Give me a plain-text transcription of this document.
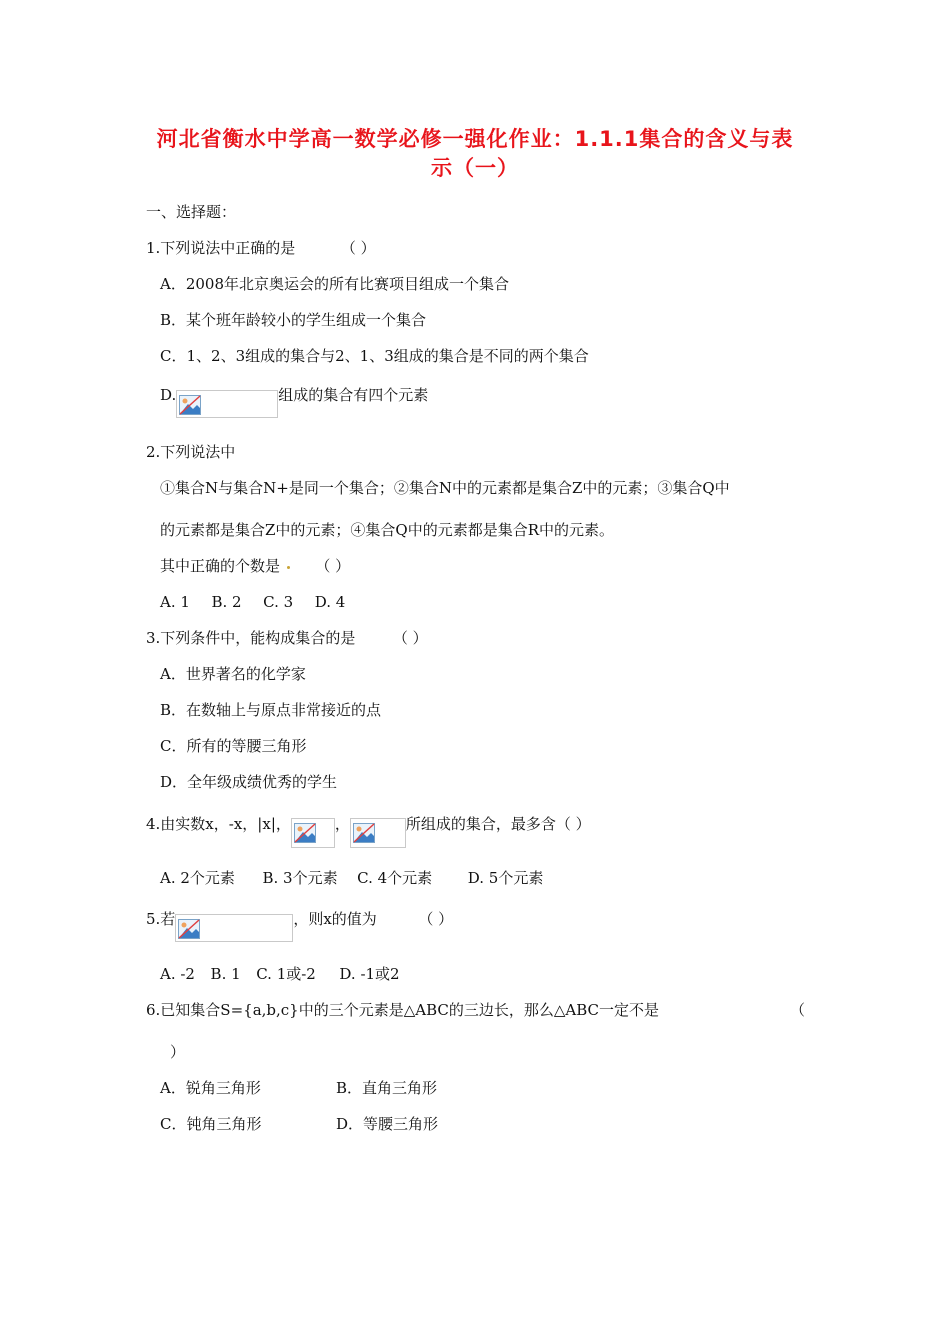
河北省衡水中学高一数学必修一强化作业：1.1.1集合的含义与表
示（一）
一、选择题：
1.下列说法中正确的是	（ ）
A．2008年北京奥运会的所有比赛项目组成一个集合
B．某个班年龄较小的学生组成一个集合
C．1、2、3组成的集合与2、1、3组成的集合是不同的两个集合
D.	组成的集合有四个元素
2.下列说法中
①集合N与集合N+是同一个集合；②集合N中的元素都是集合Z中的元素；③集合Q中
的元素都是集合Z中的元素；④集合Q中的元素都是集合R中的元素。
其中正确的个数是 （ ）
A. 1 B. 2 C. 3 D. 4
3.下列条件中，能构成集合的是	（ ）
A．世界著名的化学家
B．在数轴上与原点非常接近的点
C．所有的等腰三角形
D．全年级成绩优秀的学生
4.由实数x，-x，|x|，	，	所组成的集合，最多含（ ）
A. 2个元素 B. 3个元素 C. 4个元素 D. 5个元素
5.若	，则x的值为	（ ）
A. -2 B. 1 C. 1或-2 D. -1或2
6.已知集合S={a,b,c}中的三个元素是△ABC的三边长，那么△ABC一定不是	（
）
A．锐角三角形	B．直角三角形
C．钝角三角形	D．等腰三角形
